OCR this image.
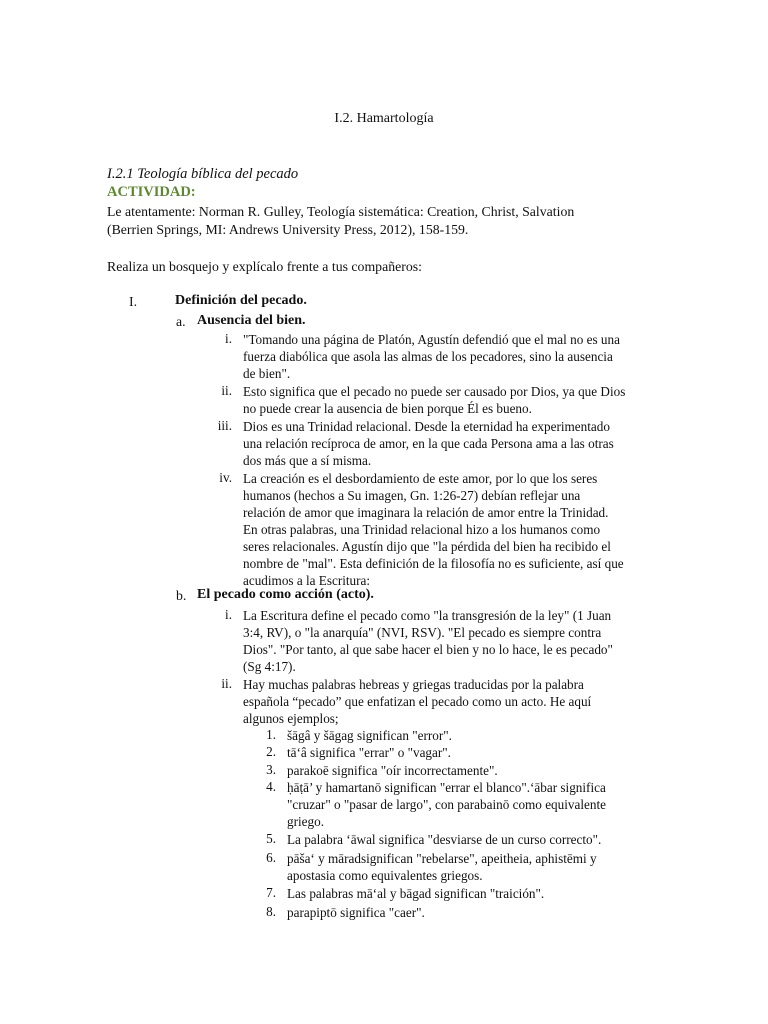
I.2. Hamartología
I.2.1 Teología bíblica del pecado
ACTIVIDAD:
Le atentamente: Norman R. Gulley, Teología sistemática: Creation, Christ, Salvation
(Berrien Springs, MI: Andrews University Press, 2012), 158-159.
Realiza un bosquejo y explícalo frente a tus compañeros:
I.	Definición del pecado.
a. Ausencia del bien.
i. "Tomando una página de Platón, Agustín defendió que el mal no es una
fuerza diabólica que asola las almas de los pecadores, sino la ausencia
de bien".
ii. Esto significa que el pecado no puede ser causado por Dios, ya que Dios
no puede crear la ausencia de bien porque Él es bueno.
iii. Dios es una Trinidad relacional. Desde la eternidad ha experimentado
una relación recíproca de amor, en la que cada Persona ama a las otras
dos más que a sí misma.
iv. La creación es el desbordamiento de este amor, por lo que los seres
humanos (hechos a Su imagen, Gn. 1:26-27) debían reflejar una
relación de amor que imaginara la relación de amor entre la Trinidad.
En otras palabras, una Trinidad relacional hizo a los humanos como
seres relacionales. Agustín dijo que "la pérdida del bien ha recibido el
nombre de "mal". Esta definición de la filosofía no es suficiente, así que
acudimos a la Escritura:
b. El pecado como acción (acto).
i. La Escritura define el pecado como "la transgresión de la ley" (1 Juan
3:4, RV), o "la anarquía" (NVI, RSV). "El pecado es siempre contra
Dios". "Por tanto, al que sabe hacer el bien y no lo hace, le es pecado"
(Sg 4:17).
ii. Hay muchas palabras hebreas y griegas traducidas por la palabra
española “pecado” que enfatizan el pecado como un acto. He aquí
algunos ejemplos;
1. šāgâ y šāgag significan "error".
2. tā‘â significa "errar" o "vagar".
3. parakoē significa "oír incorrectamente".
4. ḥāṭā’ y hamartanō significan "errar el blanco".‘ābar significa
"cruzar" o "pasar de largo", con parabainō como equivalente
griego.
5. La palabra ‘āwal significa "desviarse de un curso correcto".
6. pāša‘ y māradsignifican "rebelarse", apeitheia, aphistēmi y
apostasia como equivalentes griegos.
7. Las palabras mā‘al y bāgad significan "traición".
8. parapiptō significa "caer".
